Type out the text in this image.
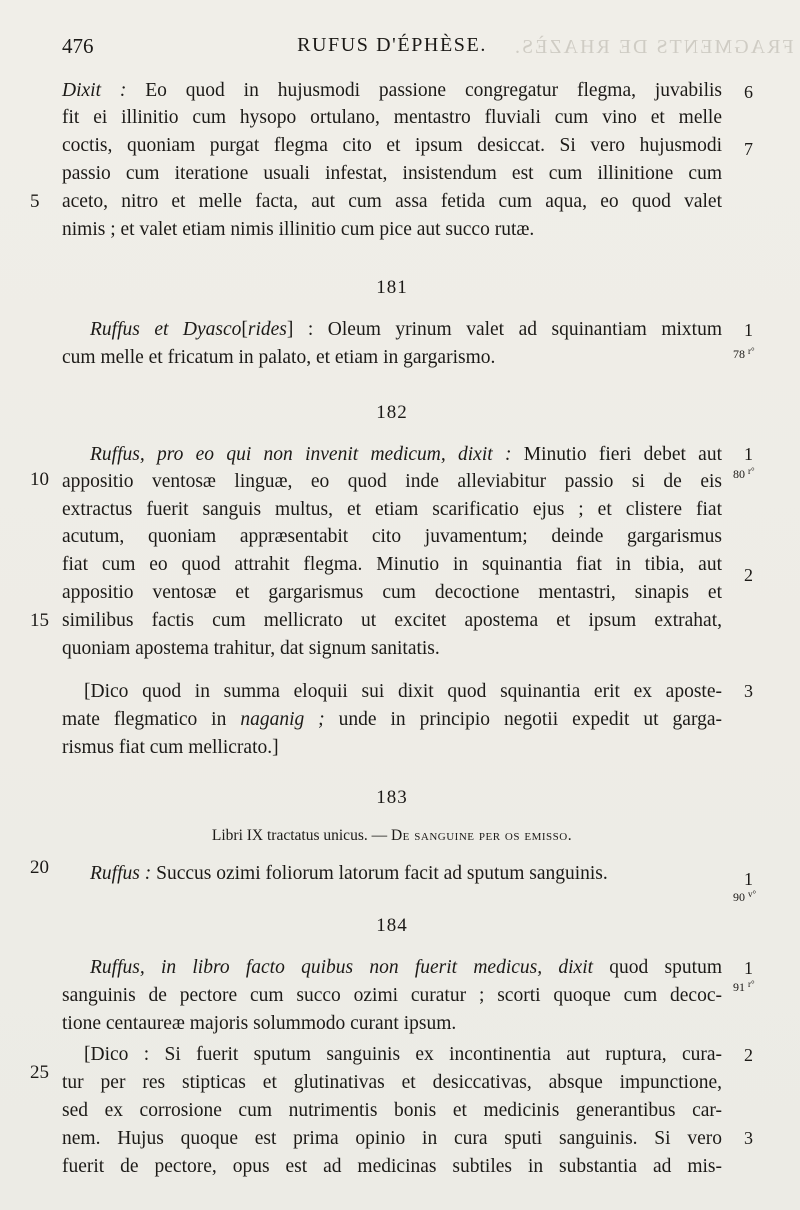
FRAGMENTS DE RHAZÈS.
476	RUFUS D'ÉPHÈSE.
Dixit : Eo quod in hujusmodi passione congregatur flegma, juvabilis
fit ei illinitio cum hysopo ortulano, mentastro fluviali cum vino et melle
coctis, quoniam purgat flegma cito et ipsum desiccat. Si vero hujusmodi
passio cum iteratione usuali infestat, insistendum est cum illinitione cum
aceto, nitro et melle facta, aut cum assa fetida cum aqua, eo quod valet
nimis ; et valet etiam nimis illinitio cum pice aut succo rutæ.
181
Ruffus et Dyasco[rides] : Oleum yrinum valet ad squinantiam mixtum
cum melle et fricatum in palato, et etiam in gargarismo.
182
Ruffus, pro eo qui non invenit medicum, dixit : Minutio fieri debet aut
appositio ventosæ linguæ, eo quod inde alleviabitur passio si de eis
extractus fuerit sanguis multus, et etiam scarificatio ejus ; et clistere fiat
acutum, quoniam appræsentabit cito juvamentum; deinde gargarismus
fiat cum eo quod attrahit flegma. Minutio in squinantia fiat in tibia, aut
appositio ventosæ et gargarismus cum decoctione mentastri, sinapis et
similibus factis cum mellicrato ut excitet apostema et ipsum extrahat,
quoniam apostema trahitur, dat signum sanitatis.
[Dico quod in summa eloquii sui dixit quod squinantia erit ex aposte-
mate flegmatico in naganig ; unde in principio negotii expedit ut garga-
rismus fiat cum mellicrato.]
183
Libri IX tractatus unicus. — De sanguine per os emisso.
Ruffus : Succus ozimi foliorum latorum facit ad sputum sanguinis.
184
Ruffus, in libro facto quibus non fuerit medicus, dixit quod sputum
sanguinis de pectore cum succo ozimi curatur ; scorti quoque cum decoc-
tione centaureæ majoris solummodo curant ipsum.
[Dico : Si fuerit sputum sanguinis ex incontinentia aut ruptura, cura-
tur per res stipticas et glutinativas et desiccativas, absque impunctione,
sed ex corrosione cum nutrimentis bonis et medicinis generantibus car-
nem. Hujus quoque est prima opinio in cura sputi sanguinis. Si vero
fuerit de pectore, opus est ad medicinas subtiles in substantia ad mis-
5
10
15
20
25
6
7
1
1
2
3
1
1
2
3
78 $^{r^\circ}$
80 $^{r^\circ}$
90 $^{v^\circ}$
91 $^{r^\circ}$
